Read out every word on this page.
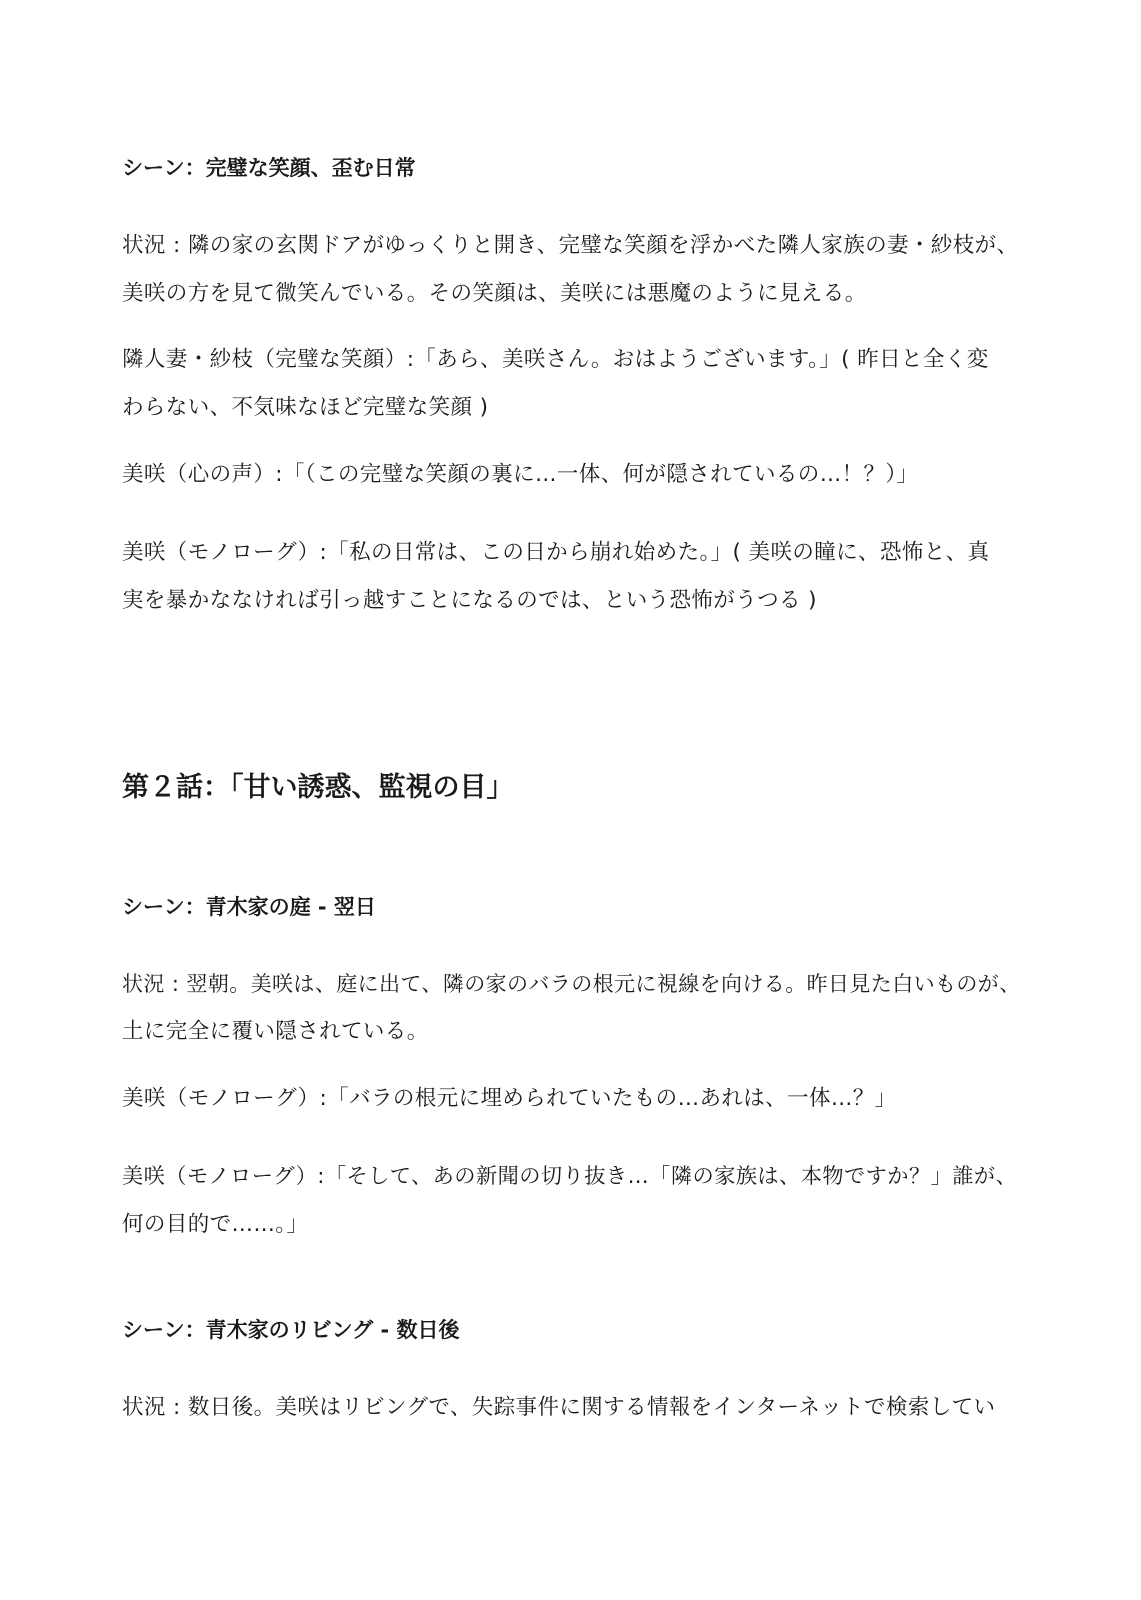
シーン：完璧な笑顔、歪む日常

状況 : 隣の家の玄関ドアがゆっくりと開き、完璧な笑顔を浮かべた隣人家族の妻・紗枝が、
美咲の方を見て微笑んでいる。その笑顔は、美咲には悪魔のように見える。

隣人妻・紗枝（完璧な笑顔）:「あら、美咲さん。おはようございます。」( 昨日と全く変
わらない、不気味なほど完璧な笑顔 )

美咲（心の声）:「（この完璧な笑顔の裏に…一体、何が隠されているの…！？）」

美咲（モノローグ）:「私の日常は、この日から崩れ始めた。」( 美咲の瞳に、恐怖と、真
実を暴かななければ引っ越すことになるのでは、という恐怖がうつる )

第２話：「甘い誘惑、監視の目」
シーン：青木家の庭 - 翌日

状況 : 翌朝。美咲は、庭に出て、隣の家のバラの根元に視線を向ける。昨日見た白いものが、
土に完全に覆い隠されている。

美咲（モノローグ）:「バラの根元に埋められていたもの…あれは、一体…？」

美咲（モノローグ）:「そして、あの新聞の切り抜き…「隣の家族は、本物ですか？」誰が、
何の目的で……。」

シーン：青木家のリビング - 数日後

状況 : 数日後。美咲はリビングで、失踪事件に関する情報をインターネットで検索してい
